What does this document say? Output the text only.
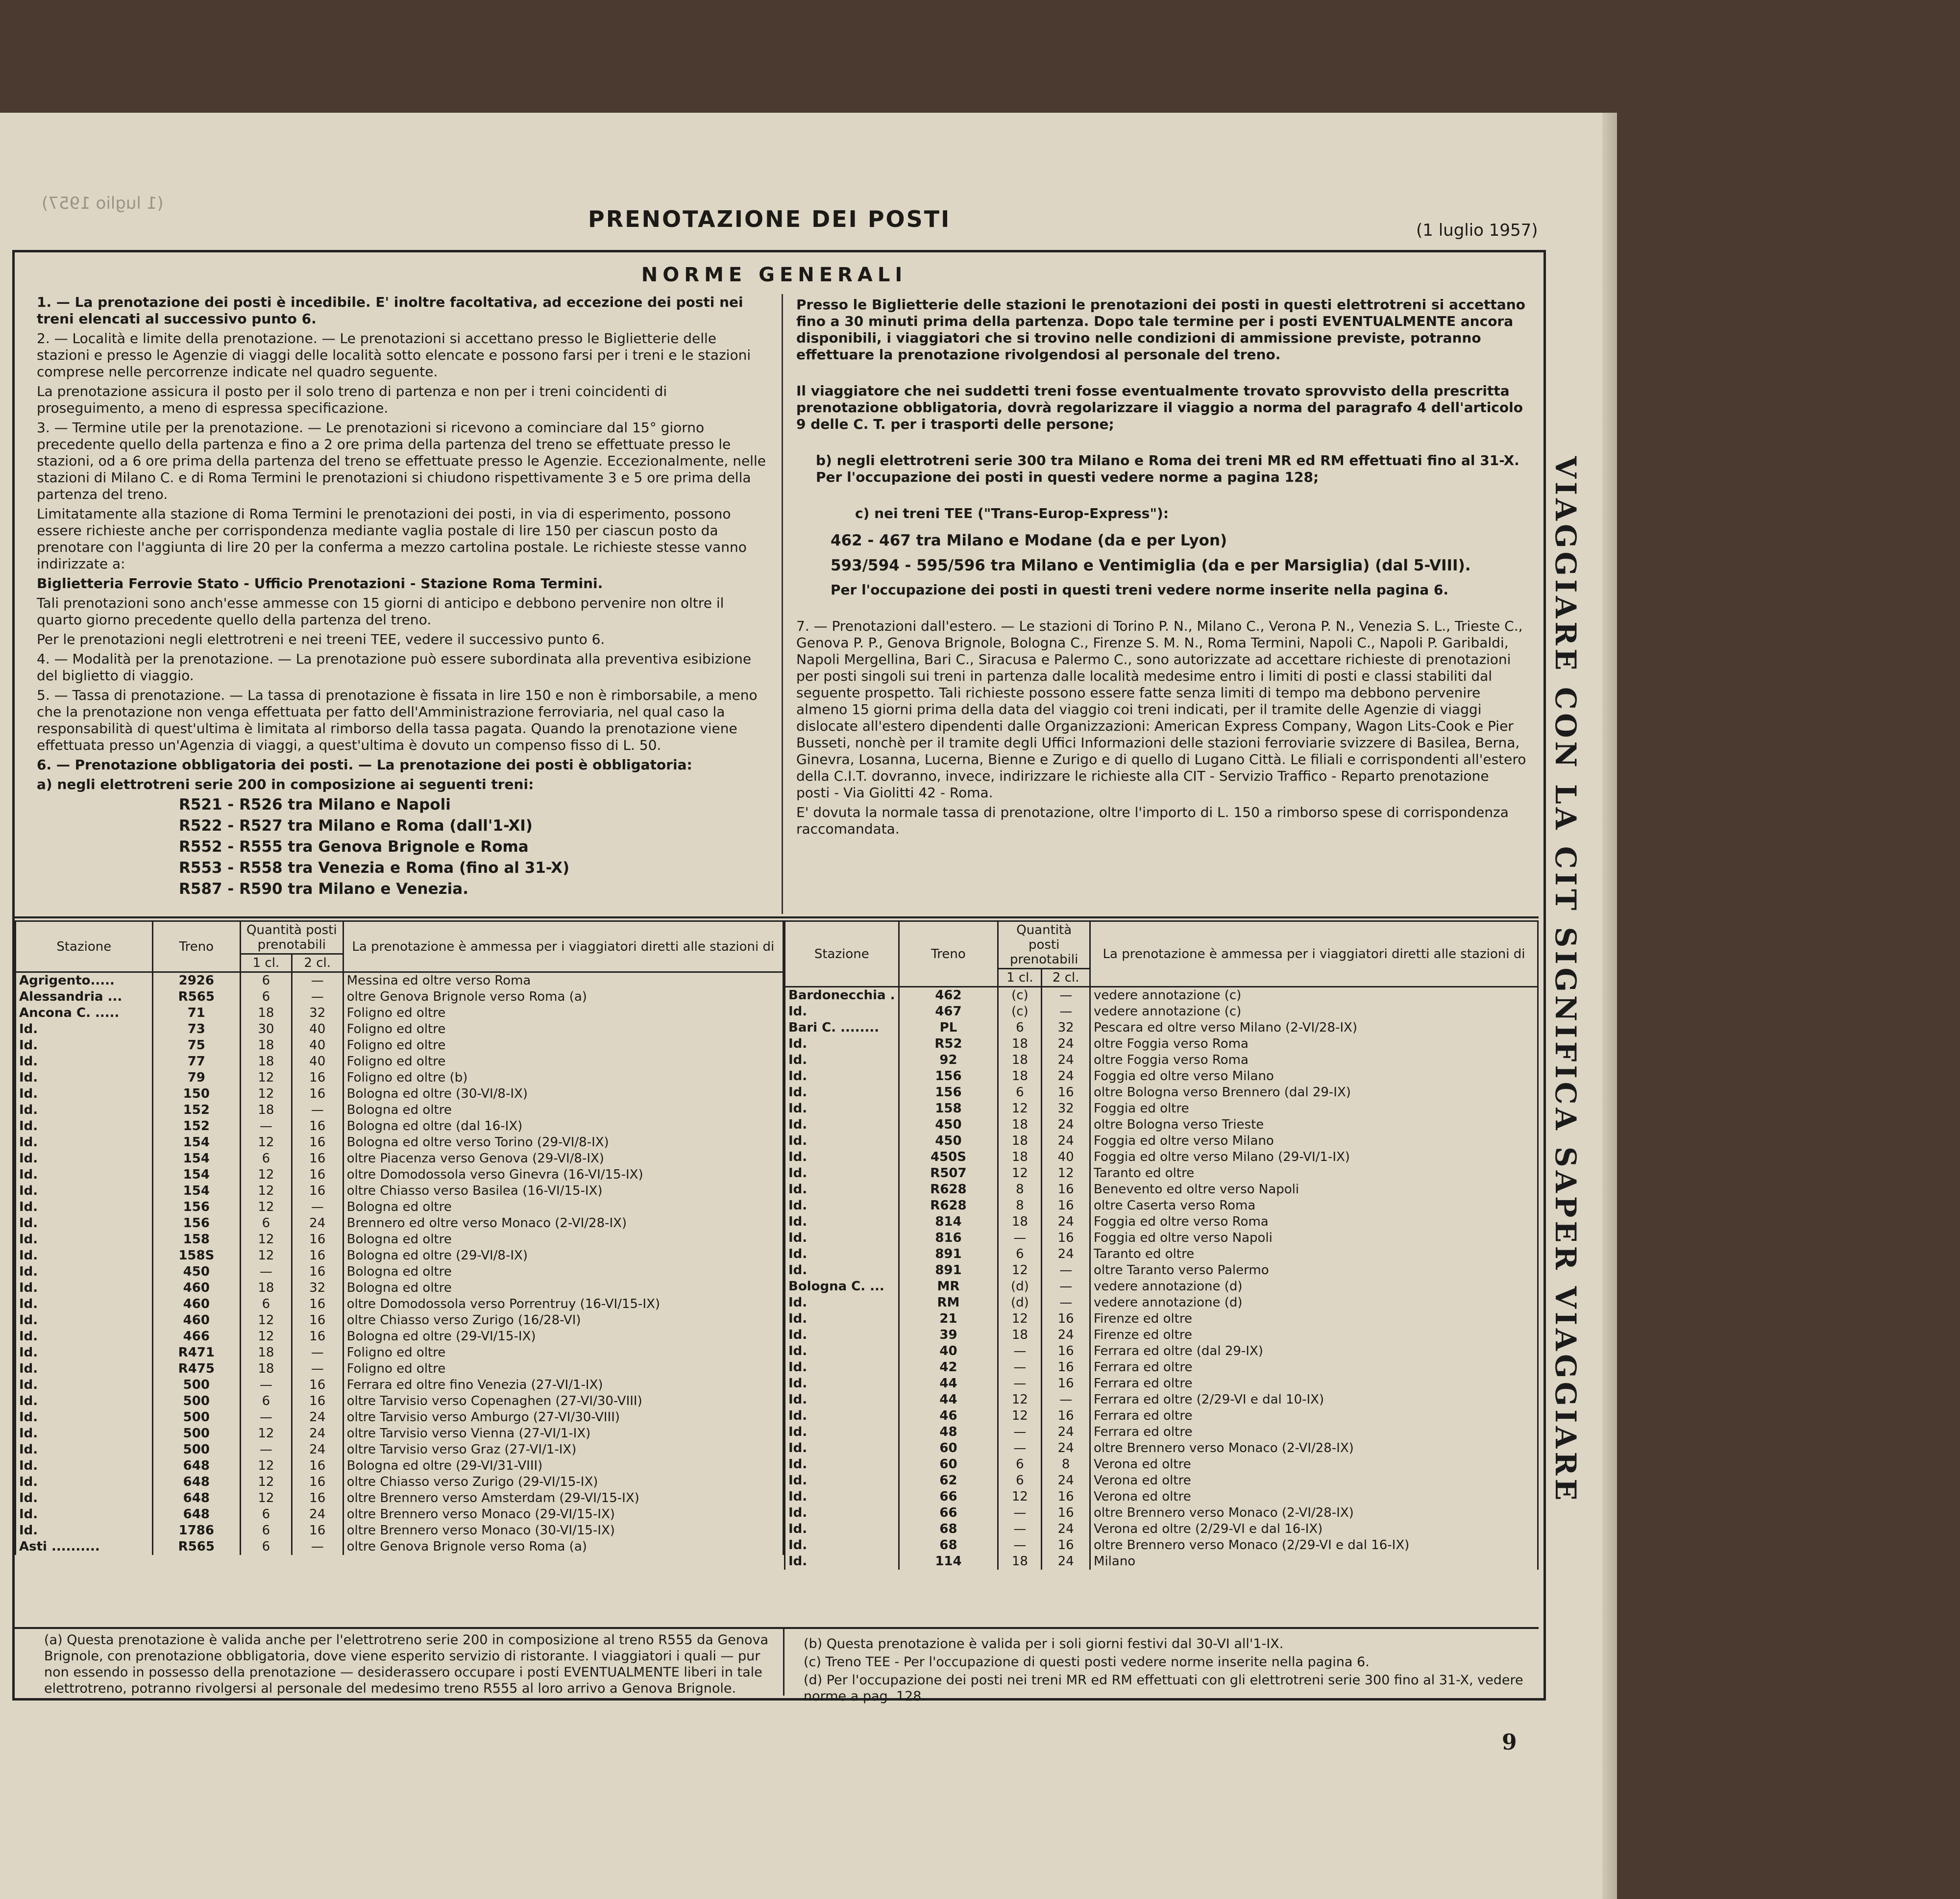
(1 luglio 1957)
PRENOTAZIONE DEI POSTI	(1 luglio 1957)
NORME GENERALI

1. — La prenotazione dei posti è incedibile. E' inoltre facoltativa, ad eccezione dei posti nei treni elencati al successivo punto 6.

2. — Località e limite della prenotazione. — Le prenotazioni si accettano presso le Biglietterie delle stazioni e presso le Agenzie di viaggi delle località sotto elencate e possono farsi per i treni e le stazioni comprese nelle percorrenze indicate nel quadro seguente.

La prenotazione assicura il posto per il solo treno di partenza e non per i treni coincidenti di proseguimento, a meno di espressa specificazione.

3. — Termine utile per la prenotazione. — Le prenotazioni si ricevono a cominciare dal 15° giorno precedente quello della partenza e fino a 2 ore prima della partenza del treno se effettuate presso le stazioni, od a 6 ore prima della partenza del treno se effettuate presso le Agenzie. Eccezionalmente, nelle stazioni di Milano C. e di Roma Termini le prenotazioni si chiudono rispettivamente 3 e 5 ore prima della partenza del treno.

Limitatamente alla stazione di Roma Termini le prenotazioni dei posti, in via di esperimento, possono essere richieste anche per corrispondenza mediante vaglia postale di lire 150 per ciascun posto da prenotare con l'aggiunta di lire 20 per la conferma a mezzo cartolina postale. Le richieste stesse vanno indirizzate a:

Biglietteria Ferrovie Stato - Ufficio Prenotazioni - Stazione Roma Termini.

Tali prenotazioni sono anch'esse ammesse con 15 giorni di anticipo e debbono pervenire non oltre il quarto giorno precedente quello della partenza del treno.

Per le prenotazioni negli elettrotreni e nei treeni TEE, vedere il successivo punto 6.

4. — Modalità per la prenotazione. — La prenotazione può essere subordinata alla preventiva esibizione del biglietto di viaggio.

5. — Tassa di prenotazione. — La tassa di prenotazione è fissata in lire 150 e non è rimborsabile, a meno che la prenotazione non venga effettuata per fatto dell'Amministrazione ferroviaria, nel qual caso la responsabilità di quest'ultima è limitata al rimborso della tassa pagata. Quando la prenotazione viene effettuata presso un'Agenzia di viaggi, a quest'ultima è dovuto un compenso fisso di L. 50.

6. — Prenotazione obbligatoria dei posti. — La prenotazione dei posti è obbligatoria:

a) negli elettrotreni serie 200 in composizione ai seguenti treni:

R521 - R526 tra Milano e Napoli

R522 - R527 tra Milano e Roma (dall'1-XI)

R552 - R555 tra Genova Brignole e Roma

R553 - R558 tra Venezia e Roma (fino al 31-X)

R587 - R590 tra Milano e Venezia.

Presso le Biglietterie delle stazioni le prenotazioni dei posti in questi elettrotreni si accettano fino a 30 minuti prima della partenza. Dopo tale termine per i posti EVENTUALMENTE ancora disponibili, i viaggiatori che si trovino nelle condizioni di ammissione previste, potranno effettuare la prenotazione rivolgendosi al personale del treno.

Il viaggiatore che nei suddetti treni fosse eventualmente trovato sprovvisto della prescritta prenotazione obbligatoria, dovrà regolarizzare il viaggio a norma del paragrafo 4 dell'articolo 9 delle C. T. per i trasporti delle persone;

b) negli elettrotreni serie 300 tra Milano e Roma dei treni MR ed RM effettuati fino al 31-X. Per l'occupazione dei posti in questi vedere norme a pagina 128;

c) nei treni TEE ("Trans-Europ-Express"):

462 - 467 tra Milano e Modane (da e per Lyon)

593/594 - 595/596 tra Milano e Ventimiglia (da e per Marsiglia) (dal 5-VIII).

Per l'occupazione dei posti in questi treni vedere norme inserite nella pagina 6.

7. — Prenotazioni dall'estero. — Le stazioni di Torino P. N., Milano C., Verona P. N., Venezia S. L., Trieste C., Genova P. P., Genova Brignole, Bologna C., Firenze S. M. N., Roma Termini, Napoli C., Napoli P. Garibaldi, Napoli Mergellina, Bari C., Siracusa e Palermo C., sono autorizzate ad accettare richieste di prenotazioni per posti singoli sui treni in partenza dalle località medesime entro i limiti di posti e classi stabiliti dal seguente prospetto. Tali richieste possono essere fatte senza limiti di tempo ma debbono pervenire almeno 15 giorni prima della data del viaggio coi treni indicati, per il tramite delle Agenzie di viaggi dislocate all'estero dipendenti dalle Organizzazioni: American Express Company, Wagon Lits-Cook e Pier Busseti, nonchè per il tramite degli Uffici Informazioni delle stazioni ferroviarie svizzere di Basilea, Berna, Ginevra, Losanna, Lucerna, Bienne e Zurigo e di quello di Lugano Città. Le filiali e corrispondenti all'estero della C.I.T. dovranno, invece, indirizzare le richieste alla CIT - Servizio Traffico - Reparto prenotazione posti - Via Giolitti 42 - Roma.

E' dovuta la normale tassa di prenotazione, oltre l'importo di L. 150 a rimborso spese di corrispondenza raccomandata.

Stazione	Treno	Quantità posti prenotabili		La prenotazione è ammessa per i viaggiatori diretti alle stazioni di
		1 cl.	2 cl.	
Agrigento.....	2926	6	—	Messina ed oltre verso Roma
Alessandria ...	R565	6	—	oltre Genova Brignole verso Roma (a)
Ancona C. .....	71	18	32	Foligno ed oltre
Id.	73	30	40	Foligno ed oltre
Id.	75	18	40	Foligno ed oltre
Id.	77	18	40	Foligno ed oltre
Id.	79	12	16	Foligno ed oltre (b)
Id.	150	12	16	Bologna ed oltre (30-VI/8-IX)
Id.	152	18	—	Bologna ed oltre
Id.	152	—	16	Bologna ed oltre (dal 16-IX)
Id.	154	12	16	Bologna ed oltre verso Torino (29-VI/8-IX)
Id.	154	6	16	oltre Piacenza verso Genova (29-VI/8-IX)
Id.	154	12	16	oltre Domodossola verso Ginevra (16-VI/15-IX)
Id.	154	12	16	oltre Chiasso verso Basilea (16-VI/15-IX)
Id.	156	12	—	Bologna ed oltre
Id.	156	6	24	Brennero ed oltre verso Monaco (2-VI/28-IX)
Id.	158	12	16	Bologna ed oltre
Id.	158S	12	16	Bologna ed oltre (29-VI/8-IX)
Id.	450	—	16	Bologna ed oltre
Id.	460	18	32	Bologna ed oltre
Id.	460	6	16	oltre Domodossola verso Porrentruy (16-VI/15-IX)
Id.	460	12	16	oltre Chiasso verso Zurigo (16/28-VI)
Id.	466	12	16	Bologna ed oltre (29-VI/15-IX)
Id.	R471	18	—	Foligno ed oltre
Id.	R475	18	—	Foligno ed oltre
Id.	500	—	16	Ferrara ed oltre fino Venezia (27-VI/1-IX)
Id.	500	6	16	oltre Tarvisio verso Copenaghen (27-VI/30-VIII)
Id.	500	—	24	oltre Tarvisio verso Amburgo (27-VI/30-VIII)
Id.	500	12	24	oltre Tarvisio verso Vienna (27-VI/1-IX)
Id.	500	—	24	oltre Tarvisio verso Graz (27-VI/1-IX)
Id.	648	12	16	Bologna ed oltre (29-VI/31-VIII)
Id.	648	12	16	oltre Chiasso verso Zurigo (29-VI/15-IX)
Id.	648	12	16	oltre Brennero verso Amsterdam (29-VI/15-IX)
Id.	648	6	24	oltre Brennero verso Monaco (29-VI/15-IX)
Id.	1786	6	16	oltre Brennero verso Monaco (30-VI/15-IX)
Asti ..........	R565	6	—	oltre Genova Brignole verso Roma (a)
Stazione	Treno	Quantità posti prenotabili		La prenotazione è ammessa per i viaggiatori diretti alle stazioni di
		1 cl.	2 cl.	
Bardonecchia .	462	(c)	—	vedere annotazione (c)
Id.	467	(c)	—	vedere annotazione (c)
Bari C. ........	PL	6	32	Pescara ed oltre verso Milano (2-VI/28-IX)
Id.	R52	18	24	oltre Foggia verso Roma
Id.	92	18	24	oltre Foggia verso Roma
Id.	156	18	24	Foggia ed oltre verso Milano
Id.	156	6	16	oltre Bologna verso Brennero (dal 29-IX)
Id.	158	12	32	Foggia ed oltre
Id.	450	18	24	oltre Bologna verso Trieste
Id.	450	18	24	Foggia ed oltre verso Milano
Id.	450S	18	40	Foggia ed oltre verso Milano (29-VI/1-IX)
Id.	R507	12	12	Taranto ed oltre
Id.	R628	8	16	Benevento ed oltre verso Napoli
Id.	R628	8	16	oltre Caserta verso Roma
Id.	814	18	24	Foggia ed oltre verso Roma
Id.	816	—	16	Foggia ed oltre verso Napoli
Id.	891	6	24	Taranto ed oltre
Id.	891	12	—	oltre Taranto verso Palermo
Bologna C. ...	MR	(d)	—	vedere annotazione (d)
Id.	RM	(d)	—	vedere annotazione (d)
Id.	21	12	16	Firenze ed oltre
Id.	39	18	24	Firenze ed oltre
Id.	40	—	16	Ferrara ed oltre (dal 29-IX)
Id.	42	—	16	Ferrara ed oltre
Id.	44	—	16	Ferrara ed oltre
Id.	44	12	—	Ferrara ed oltre (2/29-VI e dal 10-IX)
Id.	46	12	16	Ferrara ed oltre
Id.	48	—	24	Ferrara ed oltre
Id.	60	—	24	oltre Brennero verso Monaco (2-VI/28-IX)
Id.	60	6	8	Verona ed oltre
Id.	62	6	24	Verona ed oltre
Id.	66	12	16	Verona ed oltre
Id.	66	—	16	oltre Brennero verso Monaco (2-VI/28-IX)
Id.	68	—	24	Verona ed oltre (2/29-VI e dal 16-IX)
Id.	68	—	16	oltre Brennero verso Monaco (2/29-VI e dal 16-IX)
Id.	114	18	24	Milano

(a) Questa prenotazione è valida anche per l'elettrotreno serie 200 in composizione al treno R555 da Genova Brignole, con prenotazione obbligatoria, dove viene esperito servizio di ristorante. I viaggiatori i quali — pur non essendo in possesso della prenotazione — desiderassero occupare i posti EVENTUALMENTE liberi in tale elettrotreno, potranno rivolgersi al personale del medesimo treno R555 al loro arrivo a Genova Brignole.

(b) Questa prenotazione è valida per i soli giorni festivi dal 30-VI all'1-IX.

(c) Treno TEE - Per l'occupazione di questi posti vedere norme inserite nella pagina 6.

(d) Per l'occupazione dei posti nei treni MR ed RM effettuati con gli elettrotreni serie 300 fino al 31-X, vedere norme a pag. 128.

VIAGGIARE CON LA CIT SIGNIFICA SAPER VIAGGIARE
9
